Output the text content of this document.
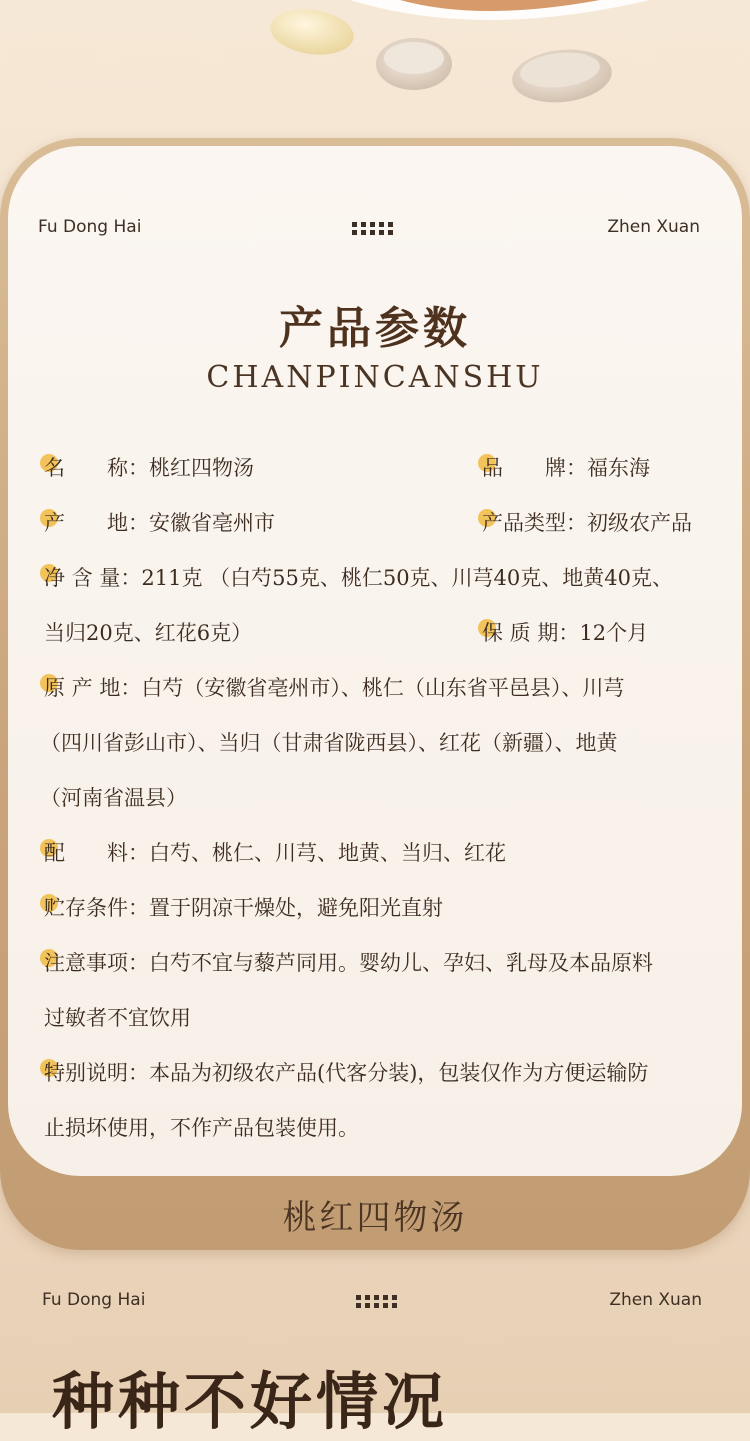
Fu Dong Hai	Zhen Xuan
产品参数
CHANPINCANSHU
名　　称：桃红四物汤	品　　牌：福东海
产　　地：安徽省亳州市	产品类型：初级农产品
净 含 量：211克 （白芍55克、桃仁50克、川芎40克、地黄40克、
当归20克、红花6克）	保 质 期：12个月
原 产 地：白芍（安徽省亳州市）、桃仁（山东省平邑县）、川芎
（四川省彭山市）、当归（甘肃省陇西县）、红花（新疆）、地黄
（河南省温县）
配　　料：白芍、桃仁、川芎、地黄、当归、红花
贮存条件：置于阴凉干燥处，避免阳光直射
注意事项：白芍不宜与藜芦同用。婴幼儿、孕妇、乳母及本品原料
过敏者不宜饮用
特别说明：本品为初级农产品(代客分装)，包装仅作为方便运输防
止损坏使用，不作产品包装使用。
桃红四物汤
Fu Dong Hai	Zhen Xuan
种种不好情况
